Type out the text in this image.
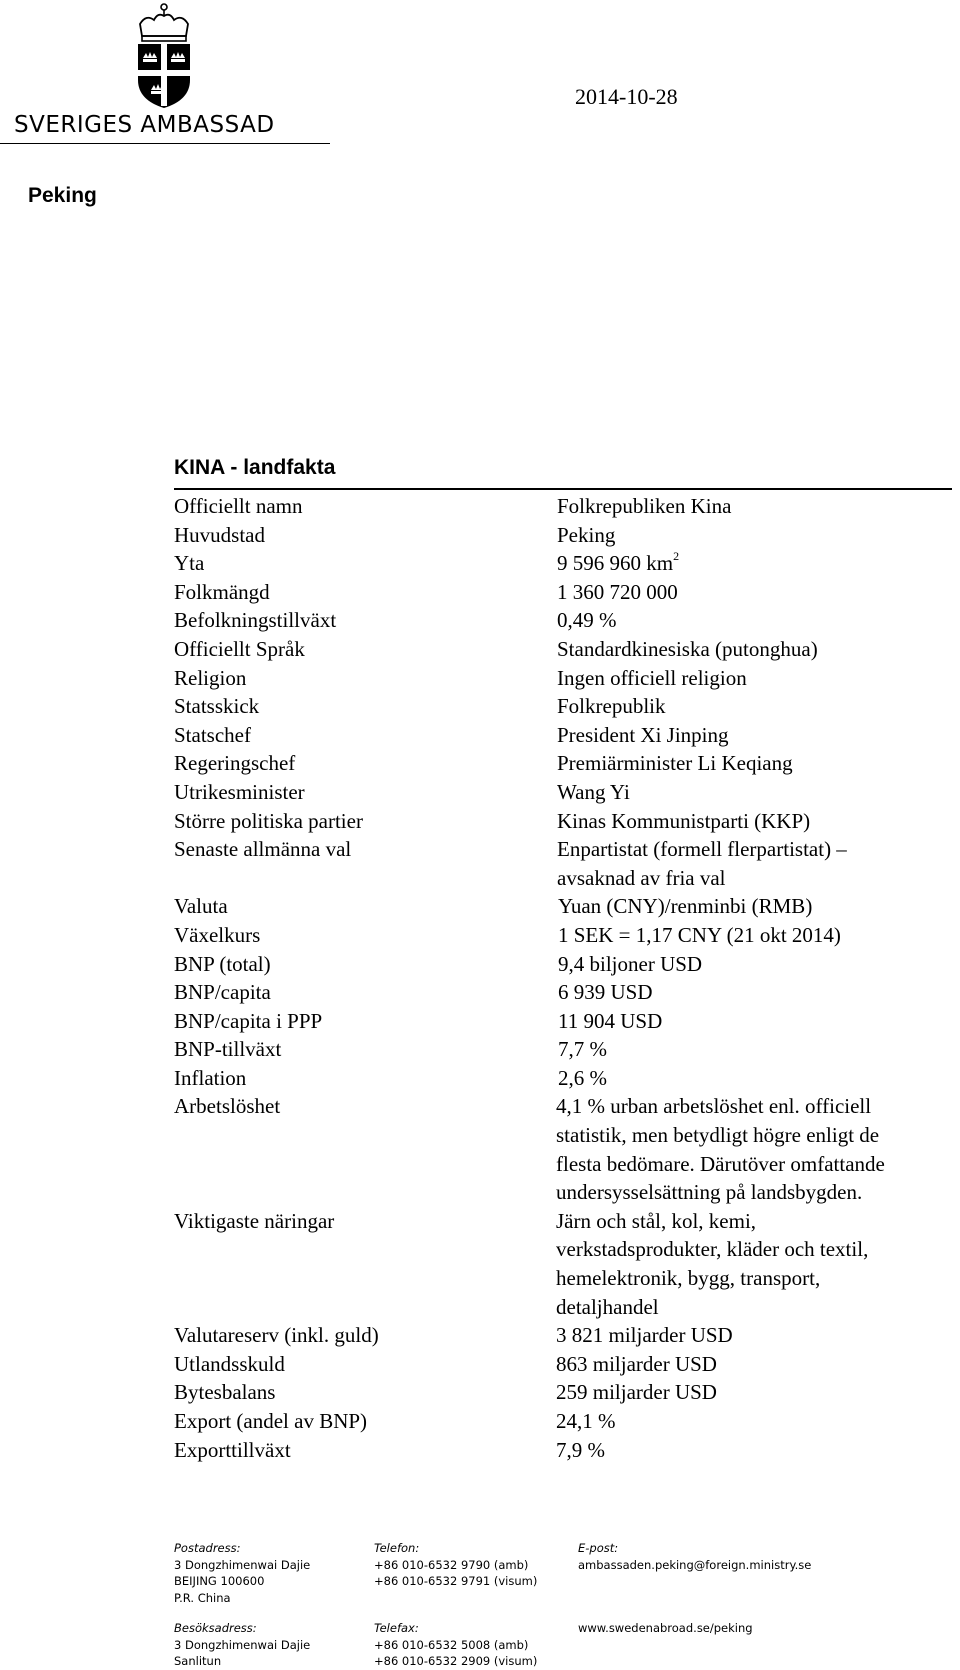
SVERIGES AMBASSAD
2014-10-28
Peking
KINA - landfakta
Officiellt namn	Folkrepubliken Kina
Huvudstad	Peking
Yta	9 596 960 $km^2$
Folkmängd	1 360 720 000
Befolkningstillväxt	0,49 %
Officiellt Språk	Standardkinesiska (putonghua)
Religion	Ingen officiell religion
Statsskick	Folkrepublik
Statschef	President Xi Jinping
Regeringschef	Premiärminister Li Keqiang
Utrikesminister	Wang Yi
Större politiska partier	Kinas Kommunistparti (KKP)
Senaste allmänna val	Enpartistat (formell flerpartistat) –
avsaknad av fria val
Valuta	Yuan (CNY)/renminbi (RMB)
Växelkurs	1 SEK = 1,17 CNY (21 okt 2014)
BNP (total)	9,4 biljoner USD
BNP/capita	6 939 USD
BNP/capita i PPP	11 904 USD
BNP-tillväxt	7,7 %
Inflation	2,6 %
Arbetslöshet	4,1 % urban arbetslöshet enl. officiell
statistik, men betydligt högre enligt de
flesta bedömare. Därutöver omfattande
undersysselsättning på landsbygden.
Viktigaste näringar	Järn och stål, kol, kemi,
verkstadsprodukter, kläder och textil,
hemelektronik, bygg, transport,
detaljhandel
Valutareserv (inkl. guld)	3 821 miljarder USD
Utlandsskuld	863 miljarder USD
Bytesbalans	259 miljarder USD
Export (andel av BNP)	24,1 %
Exporttillväxt	7,9 %
Postadress:
3 Dongzhimenwai Dajie
BEIJING 100600
P.R. China
Telefon:
+86 010-6532 9790 (amb)
+86 010-6532 9791 (visum)
E-post:
ambassaden.peking@foreign.ministry.se
Besöksadress:
3 Dongzhimenwai Dajie
Sanlitun
Telefax:
+86 010-6532 5008 (amb)
+86 010-6532 2909 (visum)
www.swedenabroad.se/peking
